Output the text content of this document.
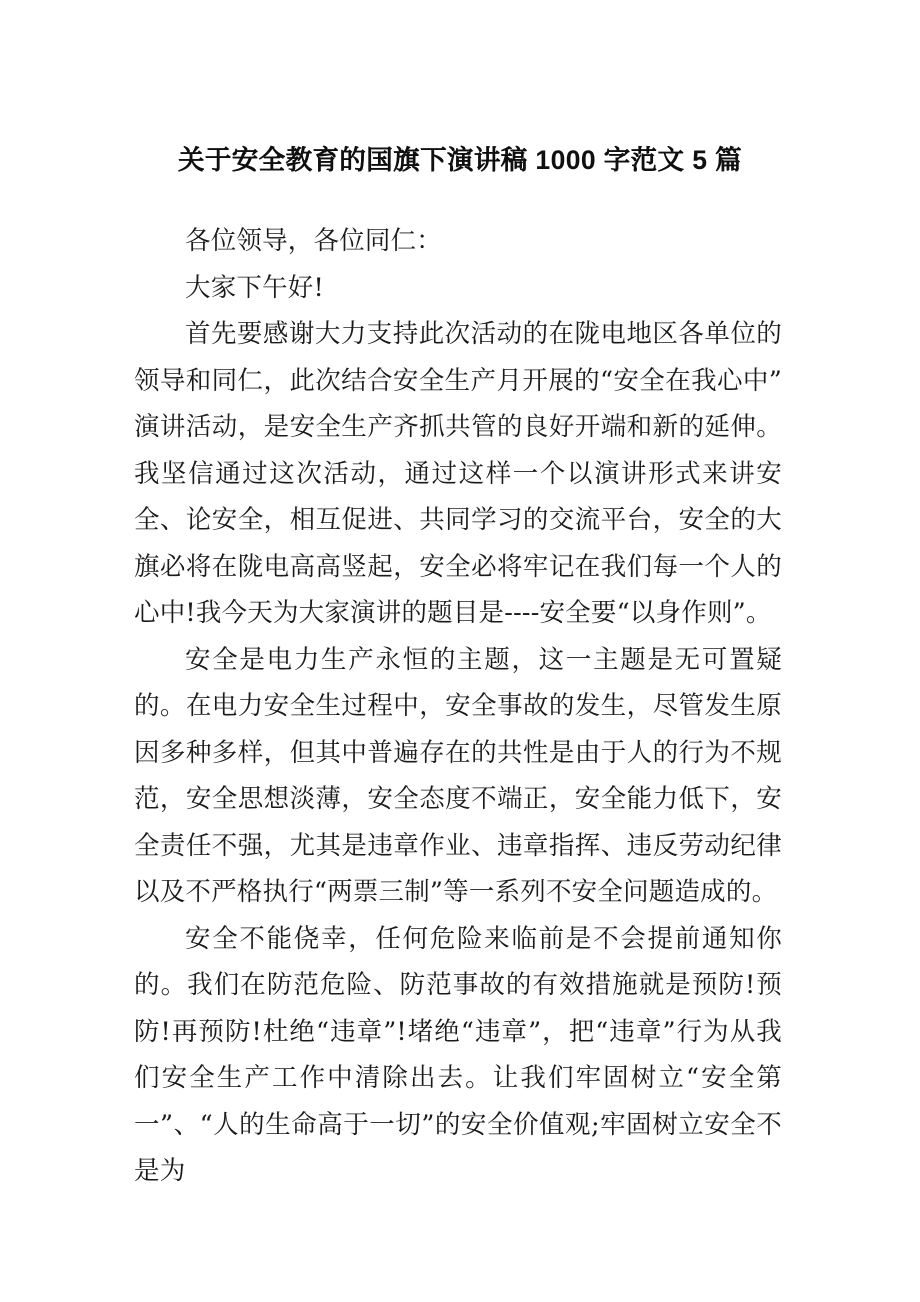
关于安全教育的国旗下演讲稿 1000 字范文 5 篇

各位领导，各位同仁：

大家下午好!

首先要感谢大力支持此次活动的在陇电地区各单位的领导和同仁，此次结合安全生产月开展的“安全在我心中”演讲活动，是安全生产齐抓共管的良好开端和新的延伸。我坚信通过这次活动，通过这样一个以演讲形式来讲安全、论安全，相互促进、共同学习的交流平台，安全的大旗必将在陇电高高竖起，安全必将牢记在我们每一个人的心中!我今天为大家演讲的题目是----安全要“以身作则”。

安全是电力生产永恒的主题，这一主题是无可置疑的。在电力安全生过程中，安全事故的发生，尽管发生原因多种多样，但其中普遍存在的共性是由于人的行为不规范，安全思想淡薄，安全态度不端正，安全能力低下，安全责任不强，尤其是违章作业、违章指挥、违反劳动纪律以及不严格执行“两票三制”等一系列不安全问题造成的。

安全不能侥幸，任何危险来临前是不会提前通知你的。我们在防范危险、防范事故的有效措施就是预防!预防!再预防!杜绝“违章”!堵绝“违章”，把“违章”行为从我们安全生产工作中清除出去。让我们牢固树立“安全第一”、“人的生命高于一切”的安全价值观;牢固树立安全不是为
